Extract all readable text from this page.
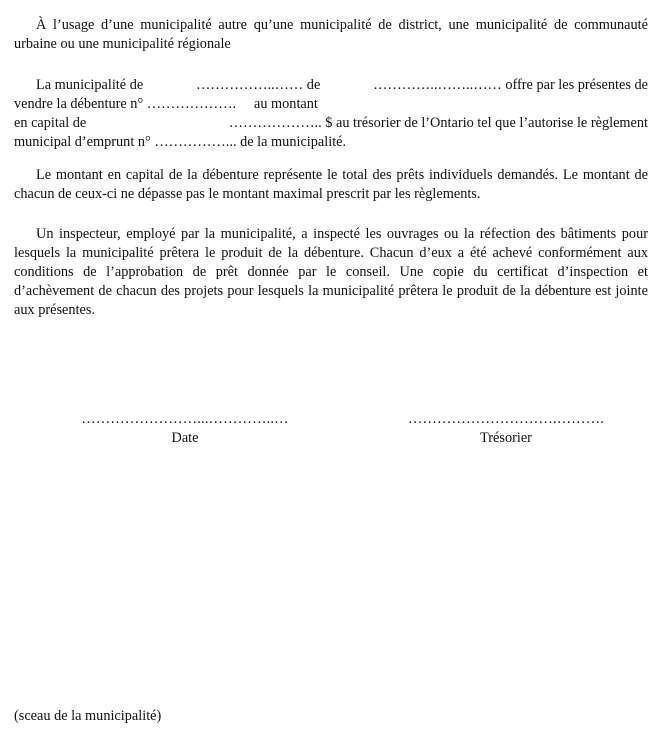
À l’usage d’une municipalité autre qu’une municipalité de district, une municipalité de communauté urbaine ou une municipalité régionale

La municipalité de	……………..…… de	…………..……..…… offre par les présentes de
vendre la débenture n° ……………….     au montant
en capital de	……………….. $ au trésorier de l’Ontario tel que l’autorise le règlement
municipal d’emprunt n° ……………... de la municipalité.

Le montant en capital de la débenture représente le total des prêts individuels demandés. Le montant de chacun de ceux-ci ne dépasse pas le montant maximal prescrit par les règlements.

Un inspecteur, employé par la municipalité, a inspecté les ouvrages ou la réfection des bâtiments pour lesquels la municipalité prêtera le produit de la débenture. Chacun d’eux a été achevé conformément aux conditions de l’approbation de prêt donnée par le conseil. Une copie du certificat d’inspection et d’achèvement de chacun des projets pour lesquels la municipalité prêtera le produit de la débenture est jointe aux présentes.

……………………...…………..…
Date
………………………….……….
Trésorier
(sceau de la municipalité)
